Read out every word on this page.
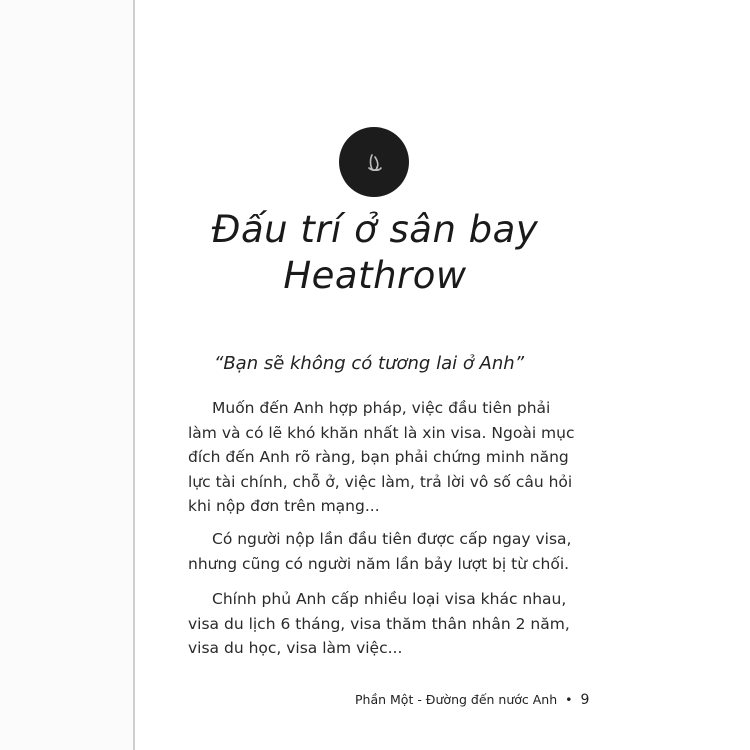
Đấu trí ở sân bay
Heathrow
“Bạn sẽ không có tương lai ở Anh”
Muốn đến Anh hợp pháp, việc đầu tiên phải
làm và có lẽ khó khăn nhất là xin visa. Ngoài mục
đích đến Anh rõ ràng, bạn phải chứng minh năng
lực tài chính, chỗ ở, việc làm, trả lời vô số câu hỏi
khi nộp đơn trên mạng...
Có người nộp lần đầu tiên được cấp ngay visa,
nhưng cũng có người năm lần bảy lượt bị từ chối.
Chính phủ Anh cấp nhiều loại visa khác nhau,
visa du lịch 6 tháng, visa thăm thân nhân 2 năm,
visa du học, visa làm việc...
Phần Một - Đường đến nước Anh • 9
